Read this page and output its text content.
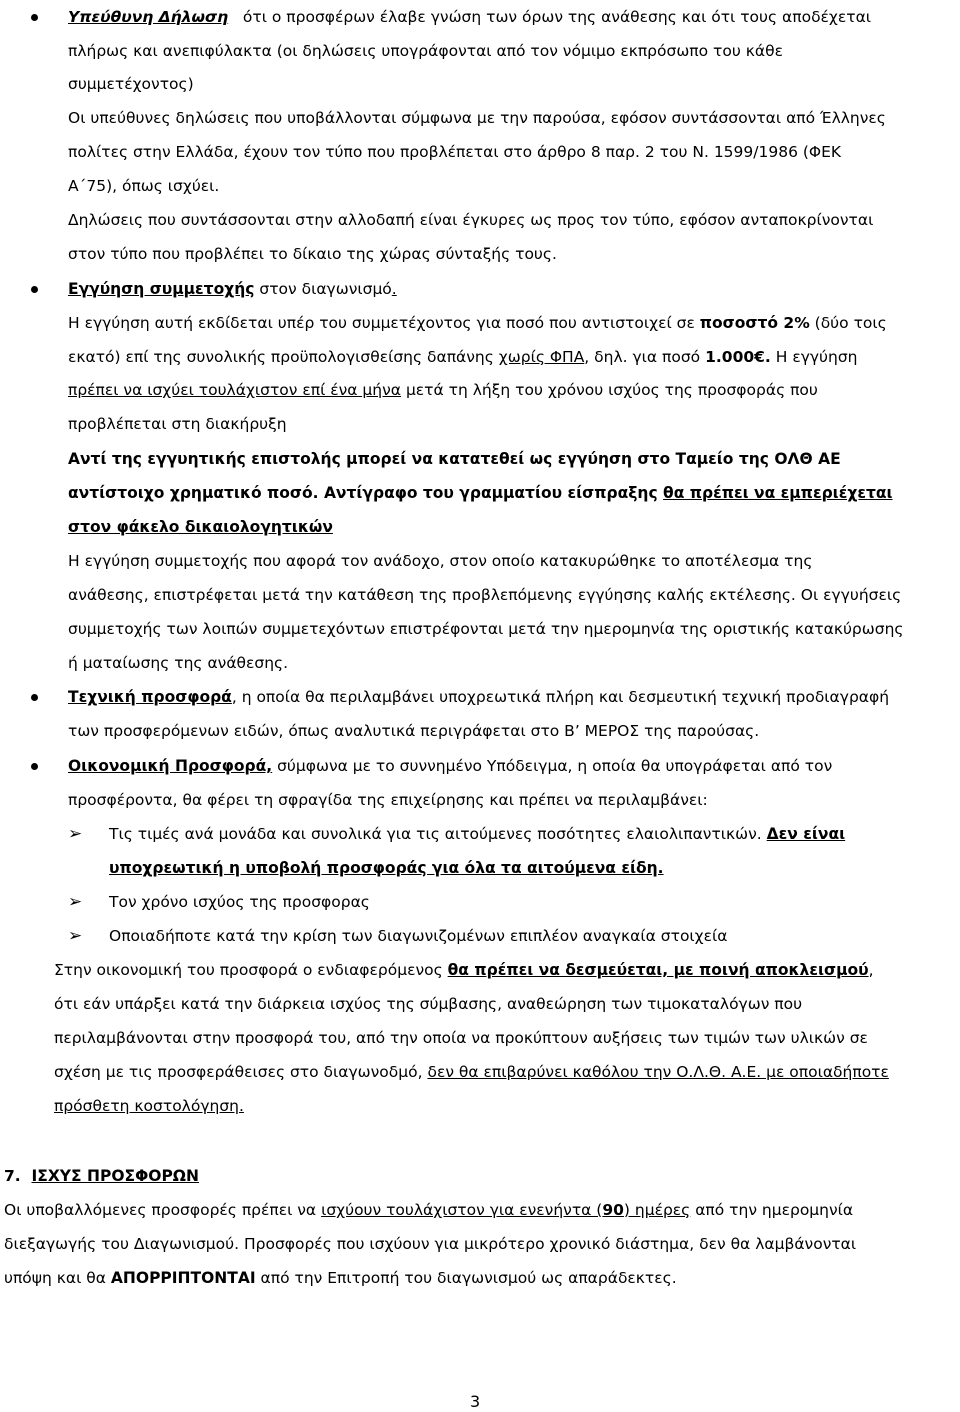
Υπεύθυνη Δήλωση ότι ο προσφέρων έλαβε γνώση των όρων της ανάθεσης και ότι τους αποδέχεται
πλήρως και ανεπιφύλακτα (οι δηλώσεις υπογράφονται από τον νόμιμο εκπρόσωπο του κάθε
συμμετέχοντος)
Οι υπεύθυνες δηλώσεις που υποβάλλονται σύμφωνα με την παρούσα, εφόσον συντάσσονται από Έλληνες
πολίτες στην Ελλάδα, έχουν τον τύπο που προβλέπεται στο άρθρο 8 παρ. 2 του Ν. 1599/1986 (ΦΕΚ
Α΄75), όπως ισχύει.
Δηλώσεις που συντάσσονται στην αλλοδαπή είναι έγκυρες ως προς τον τύπο, εφόσον ανταποκρίνονται
στον τύπο που προβλέπει το δίκαιο της χώρας σύνταξής τους.
Εγγύηση συμμετοχής στον διαγωνισμό.
Η εγγύηση αυτή εκδίδεται υπέρ του συμμετέχοντος για ποσό που αντιστοιχεί σε ποσοστό 2% (δύο τοις
εκατό) επί της συνολικής προϋπολογισθείσης δαπάνης χωρίς ΦΠΑ, δηλ. για ποσό 1.000€. Η εγγύηση
πρέπει να ισχύει τουλάχιστον επί ένα μήνα μετά τη λήξη του χρόνου ισχύος της προσφοράς που
προβλέπεται στη διακήρυξη
Αντί της εγγυητικής επιστολής μπορεί να κατατεθεί ως εγγύηση στο Ταμείο της ΟΛΘ ΑΕ
αντίστοιχο χρηματικό ποσό. Αντίγραφο του γραμματίου είσπραξης θα πρέπει να εμπεριέχεται
στον φάκελο δικαιολογητικών
Η εγγύηση συμμετοχής που αφορά τον ανάδοχο, στον οποίο κατακυρώθηκε το αποτέλεσμα της
ανάθεσης, επιστρέφεται μετά την κατάθεση της προβλεπόμενης εγγύησης καλής εκτέλεσης. Οι εγγυήσεις
συμμετοχής των λοιπών συμμετεχόντων επιστρέφονται μετά την ημερομηνία της οριστικής κατακύρωσης
ή ματαίωσης της ανάθεσης.
Τεχνική προσφορά, η οποία θα περιλαμβάνει υποχρεωτικά πλήρη και δεσμευτική τεχνική προδιαγραφή
των προσφερόμενων ειδών, όπως αναλυτικά περιγράφεται στο Β’ ΜΕΡΟΣ της παρούσας.
Οικονομική Προσφορά, σύμφωνα με το συννημένο Υπόδειγμα, η οποία θα υπογράφεται από τον
προσφέροντα, θα φέρει τη σφραγίδα της επιχείρησης και πρέπει να περιλαμβάνει:
➢ Τις τιμές ανά μονάδα και συνολικά για τις αιτούμενες ποσότητες ελαιολιπαντικών. Δεν είναι
υποχρεωτική η υποβολή προσφοράς για όλα τα αιτούμενα είδη.
➢ Τον χρόνο ισχύος της προσφορας
➢ Οποιαδήποτε κατά την κρίση των διαγωνιζομένων επιπλέον αναγκαία στοιχεία
Στην οικονομική του προσφορά ο ενδιαφερόμενος θα πρέπει να δεσμεύεται, με ποινή αποκλεισμού,
ότι εάν υπάρξει κατά την διάρκεια ισχύος της σύμβασης, αναθεώρηση των τιμοκαταλόγων που
περιλαμβάνονται στην προσφορά του, από την οποία να προκύπτουν αυξήσεις των τιμών των υλικών σε
σχέση με τις προσφεράθεισες στο διαγωνοδμό, δεν θα επιβαρύνει καθόλου την Ο.Λ.Θ. Α.Ε. με οποιαδήποτε
πρόσθετη κοστολόγηση.
7. ΙΣΧΥΣ ΠΡΟΣΦΟΡΩΝ
Οι υποβαλλόμενες προσφορές πρέπει να ισχύουν τουλάχιστον για ενενήντα (90) ημέρες από την ημερομηνία
διεξαγωγής του Διαγωνισμού. Προσφορές που ισχύουν για μικρότερο χρονικό διάστημα, δεν θα λαμβάνονται
υπόψη και θα ΑΠΟΡΡΙΠΤΟΝΤΑΙ από την Επιτροπή του διαγωνισμού ως απαράδεκτες.
3
